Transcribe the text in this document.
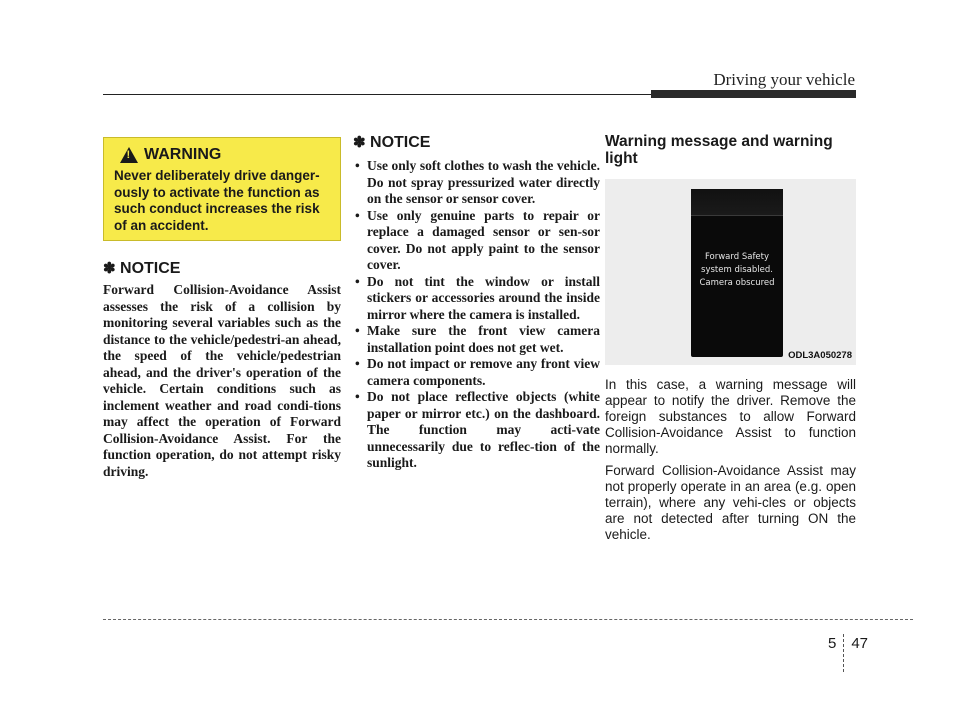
Driving your vehicle
!
WARNING
Never deliberately drive danger-ously to activate the function as such conduct increases the risk of an accident.
✽ NOTICE
Forward Collision-Avoidance Assist assesses the risk of a collision by monitoring several variables such as the distance to the vehicle/pedestri-an ahead, the speed of the vehicle/pedestrian ahead, and the driver's operation of the vehicle. Certain conditions such as inclement weather and road condi-tions may affect the operation of Forward Collision-Avoidance Assist. For the function operation, do not attempt risky driving.
✽ NOTICE
• Use only soft clothes to wash the vehicle. Do not spray pressurized water directly on the sensor or sensor cover.
• Use only genuine parts to repair or replace a damaged sensor or sen-sor cover. Do not apply paint to the sensor cover.
• Do not tint the window or install stickers or accessories around the inside mirror where the camera is installed.
• Make sure the front view camera installation point does not get wet.
• Do not impact or remove any front view camera components.
• Do not place reflective objects (white paper or mirror etc.) on the dashboard. The function may acti-vate unnecessarily due to reflec-tion of the sunlight.
Warning message and warning light
Forward Safety
system disabled.
Camera obscured
ODL3A050278
In this case, a warning message will appear to notify the driver. Remove the foreign substances to allow Forward Collision-Avoidance Assist to function normally.
Forward Collision-Avoidance Assist may not properly operate in an area (e.g. open terrain), where any vehi-cles or objects are not detected after turning ON the vehicle.
5 47
